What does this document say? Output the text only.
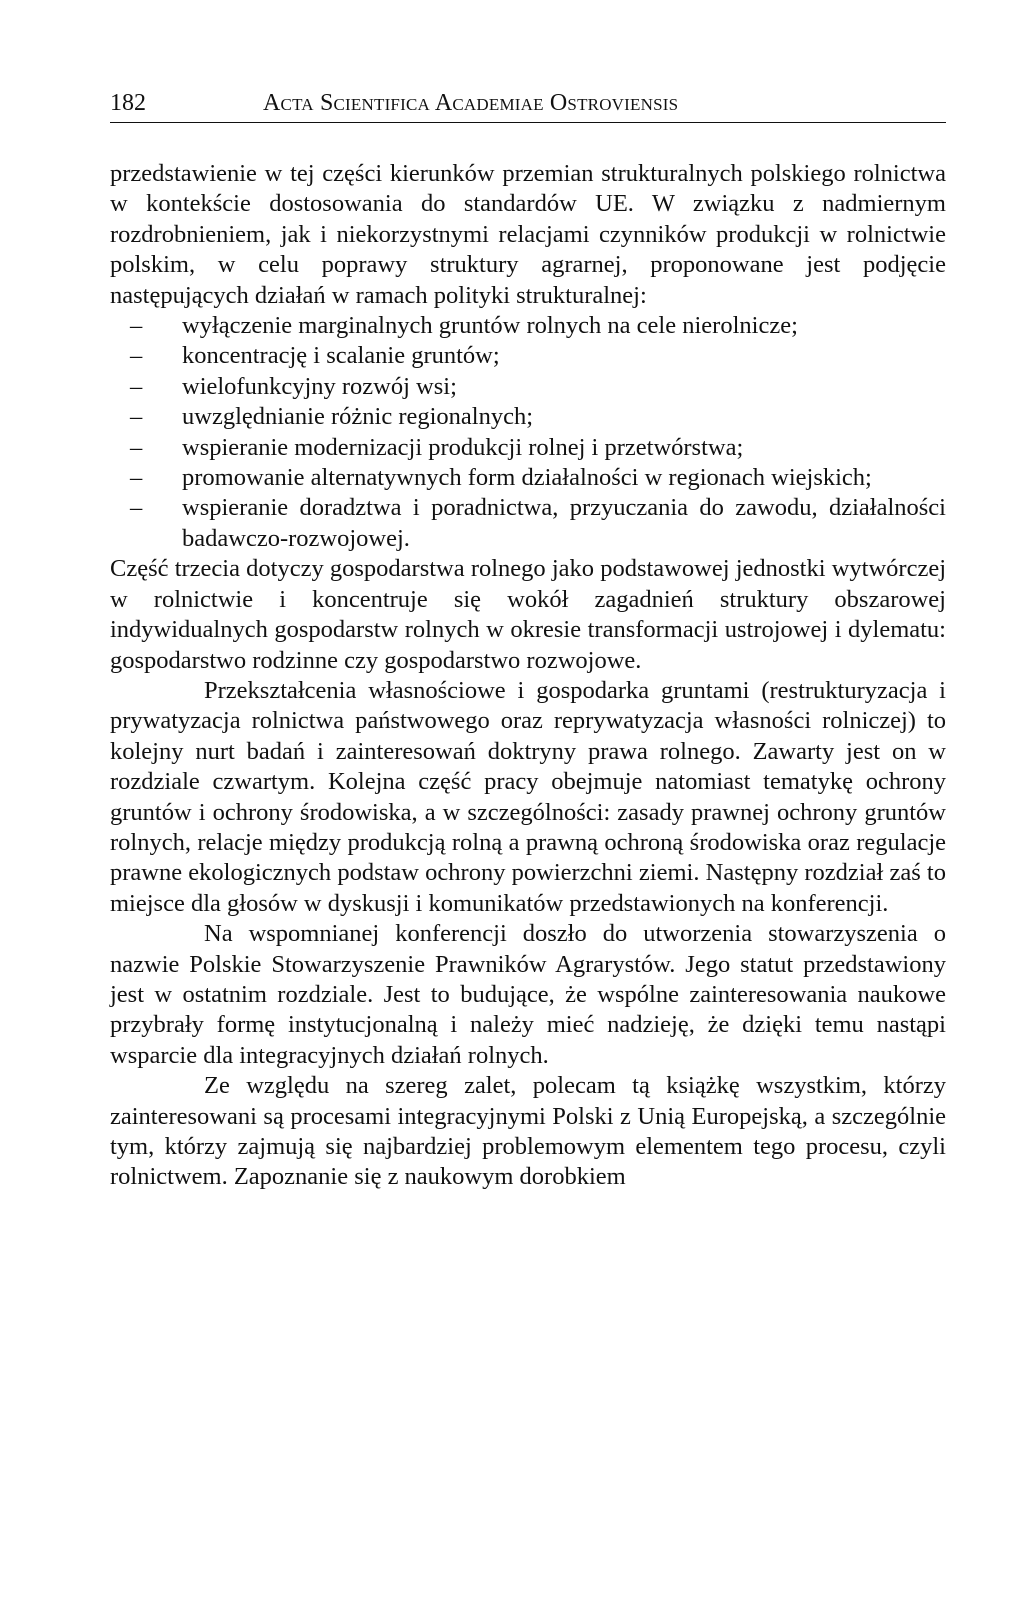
182	Acta Scientifica Academiae Ostroviensis

przedstawienie w tej części kierunków przemian strukturalnych polskiego rolnictwa w kontekście dostosowania do standardów UE. W związku z nadmiernym rozdrobnieniem, jak i niekorzystnymi relacjami czynników produkcji w rolnictwie polskim, w celu poprawy struktury agrarnej, proponowane jest podjęcie następujących działań w ramach polityki strukturalnej:

– wyłączenie marginalnych gruntów rolnych na cele nierolnicze;
– koncentrację i scalanie gruntów;
– wielofunkcyjny rozwój wsi;
– uwzględnianie różnic regionalnych;
– wspieranie modernizacji produkcji rolnej i przetwórstwa;
– promowanie alternatywnych form działalności w regionach wiejskich;
– wspieranie doradztwa i poradnictwa, przyuczania do zawodu, działalności badawczo-rozwojowej.

Część trzecia dotyczy gospodarstwa rolnego jako podstawowej jednostki wytwórczej w rolnictwie i koncentruje się wokół zagadnień struktury obszarowej indywidualnych gospodarstw rolnych w okresie transformacji ustrojowej i dylematu: gospodarstwo rodzinne czy gospodarstwo rozwojowe.

Przekształcenia własnościowe i gospodarka gruntami (restrukturyzacja i prywatyzacja rolnictwa państwowego oraz reprywatyzacja własności rolniczej) to kolejny nurt badań i zainteresowań doktryny prawa rolnego. Zawarty jest on w rozdziale czwartym. Kolejna część pracy obejmuje natomiast tematykę ochrony gruntów i ochrony środowiska, a w szczególności: zasady prawnej ochrony gruntów rolnych, relacje między produkcją rolną a prawną ochroną środowiska oraz regulacje prawne ekologicznych podstaw ochrony powierzchni ziemi. Następny rozdział zaś to miejsce dla głosów w dyskusji i komunikatów przedstawionych na konferencji.

Na wspomnianej konferencji doszło do utworzenia stowarzyszenia o nazwie Polskie Stowarzyszenie Prawników Agrarystów. Jego statut przedstawiony jest w ostatnim rozdziale. Jest to budujące, że wspólne zainteresowania naukowe przybrały formę instytucjonalną i należy mieć nadzieję, że dzięki temu nastąpi wsparcie dla integracyjnych działań rolnych.

Ze względu na szereg zalet, polecam tą książkę wszystkim, którzy zainteresowani są procesami integracyjnymi Polski z Unią Europejską, a szczególnie tym, którzy zajmują się najbardziej problemowym elementem tego procesu, czyli rolnictwem. Zapoznanie się z naukowym dorobkiem
